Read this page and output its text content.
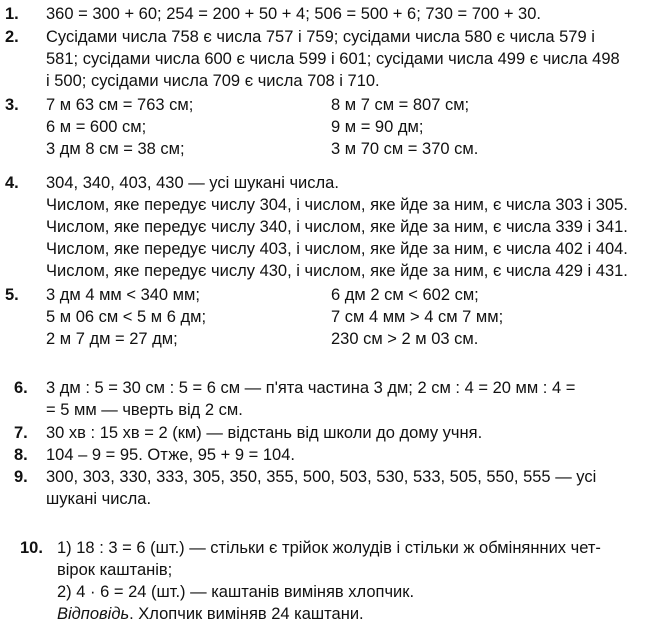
1. 360 = 300 + 60; 254 = 200 + 50 + 4; 506 = 500 + 6; 730 = 700 + 30.
2. Сусідами числа 758 є числа 757 і 759; сусідами числа 580 є числа 579 і
581; сусідами числа 600 є числа 599 і 601; сусідами числа 499 є числа 498
і 500; сусідами числа 709 є числа 708 і 710.
3. 7 м 63 см = 763 см;
6 м = 600 см;
3 дм 8 см = 38 см;
8 м 7 см = 807 см;
9 м = 90 дм;
3 м 70 см = 370 см.
4. 304, 340, 403, 430 — усі шукані числа.
Числом, яке передує числу 304, і числом, яке йде за ним, є числа 303 і 305.
Числом, яке передує числу 340, і числом, яке йде за ним, є числа 339 і 341.
Числом, яке передує числу 403, і числом, яке йде за ним, є числа 402 і 404.
Числом, яке передує числу 430, і числом, яке йде за ним, є числа 429 і 431.
5. 3 дм 4 мм < 340 мм;
5 м 06 см < 5 м 6 дм;
2 м 7 дм = 27 дм;
6 дм 2 см < 602 см;
7 см 4 мм > 4 см 7 мм;
230 см > 2 м 03 см.
6. 3 дм : 5 = 30 см : 5 = 6 см — п'ята частина 3 дм; 2 см : 4 = 20 мм : 4 =
= 5 мм — чверть від 2 см.
7. 30 хв : 15 хв = 2 (км) — відстань від школи до дому учня.
8. 104 – 9 = 95. Отже, 95 + 9 = 104.
9. 300, 303, 330, 333, 305, 350, 355, 500, 503, 530, 533, 505, 550, 555 — усі
шукані числа.
10. 1) 18 : 3 = 6 (шт.) — стільки є трійок жолудів і стільки ж обмінянних чет-
вірок каштанів;
2) 4 · 6 = 24 (шт.) — каштанів виміняв хлопчик.
Відповідь. Хлопчик виміняв 24 каштани.
